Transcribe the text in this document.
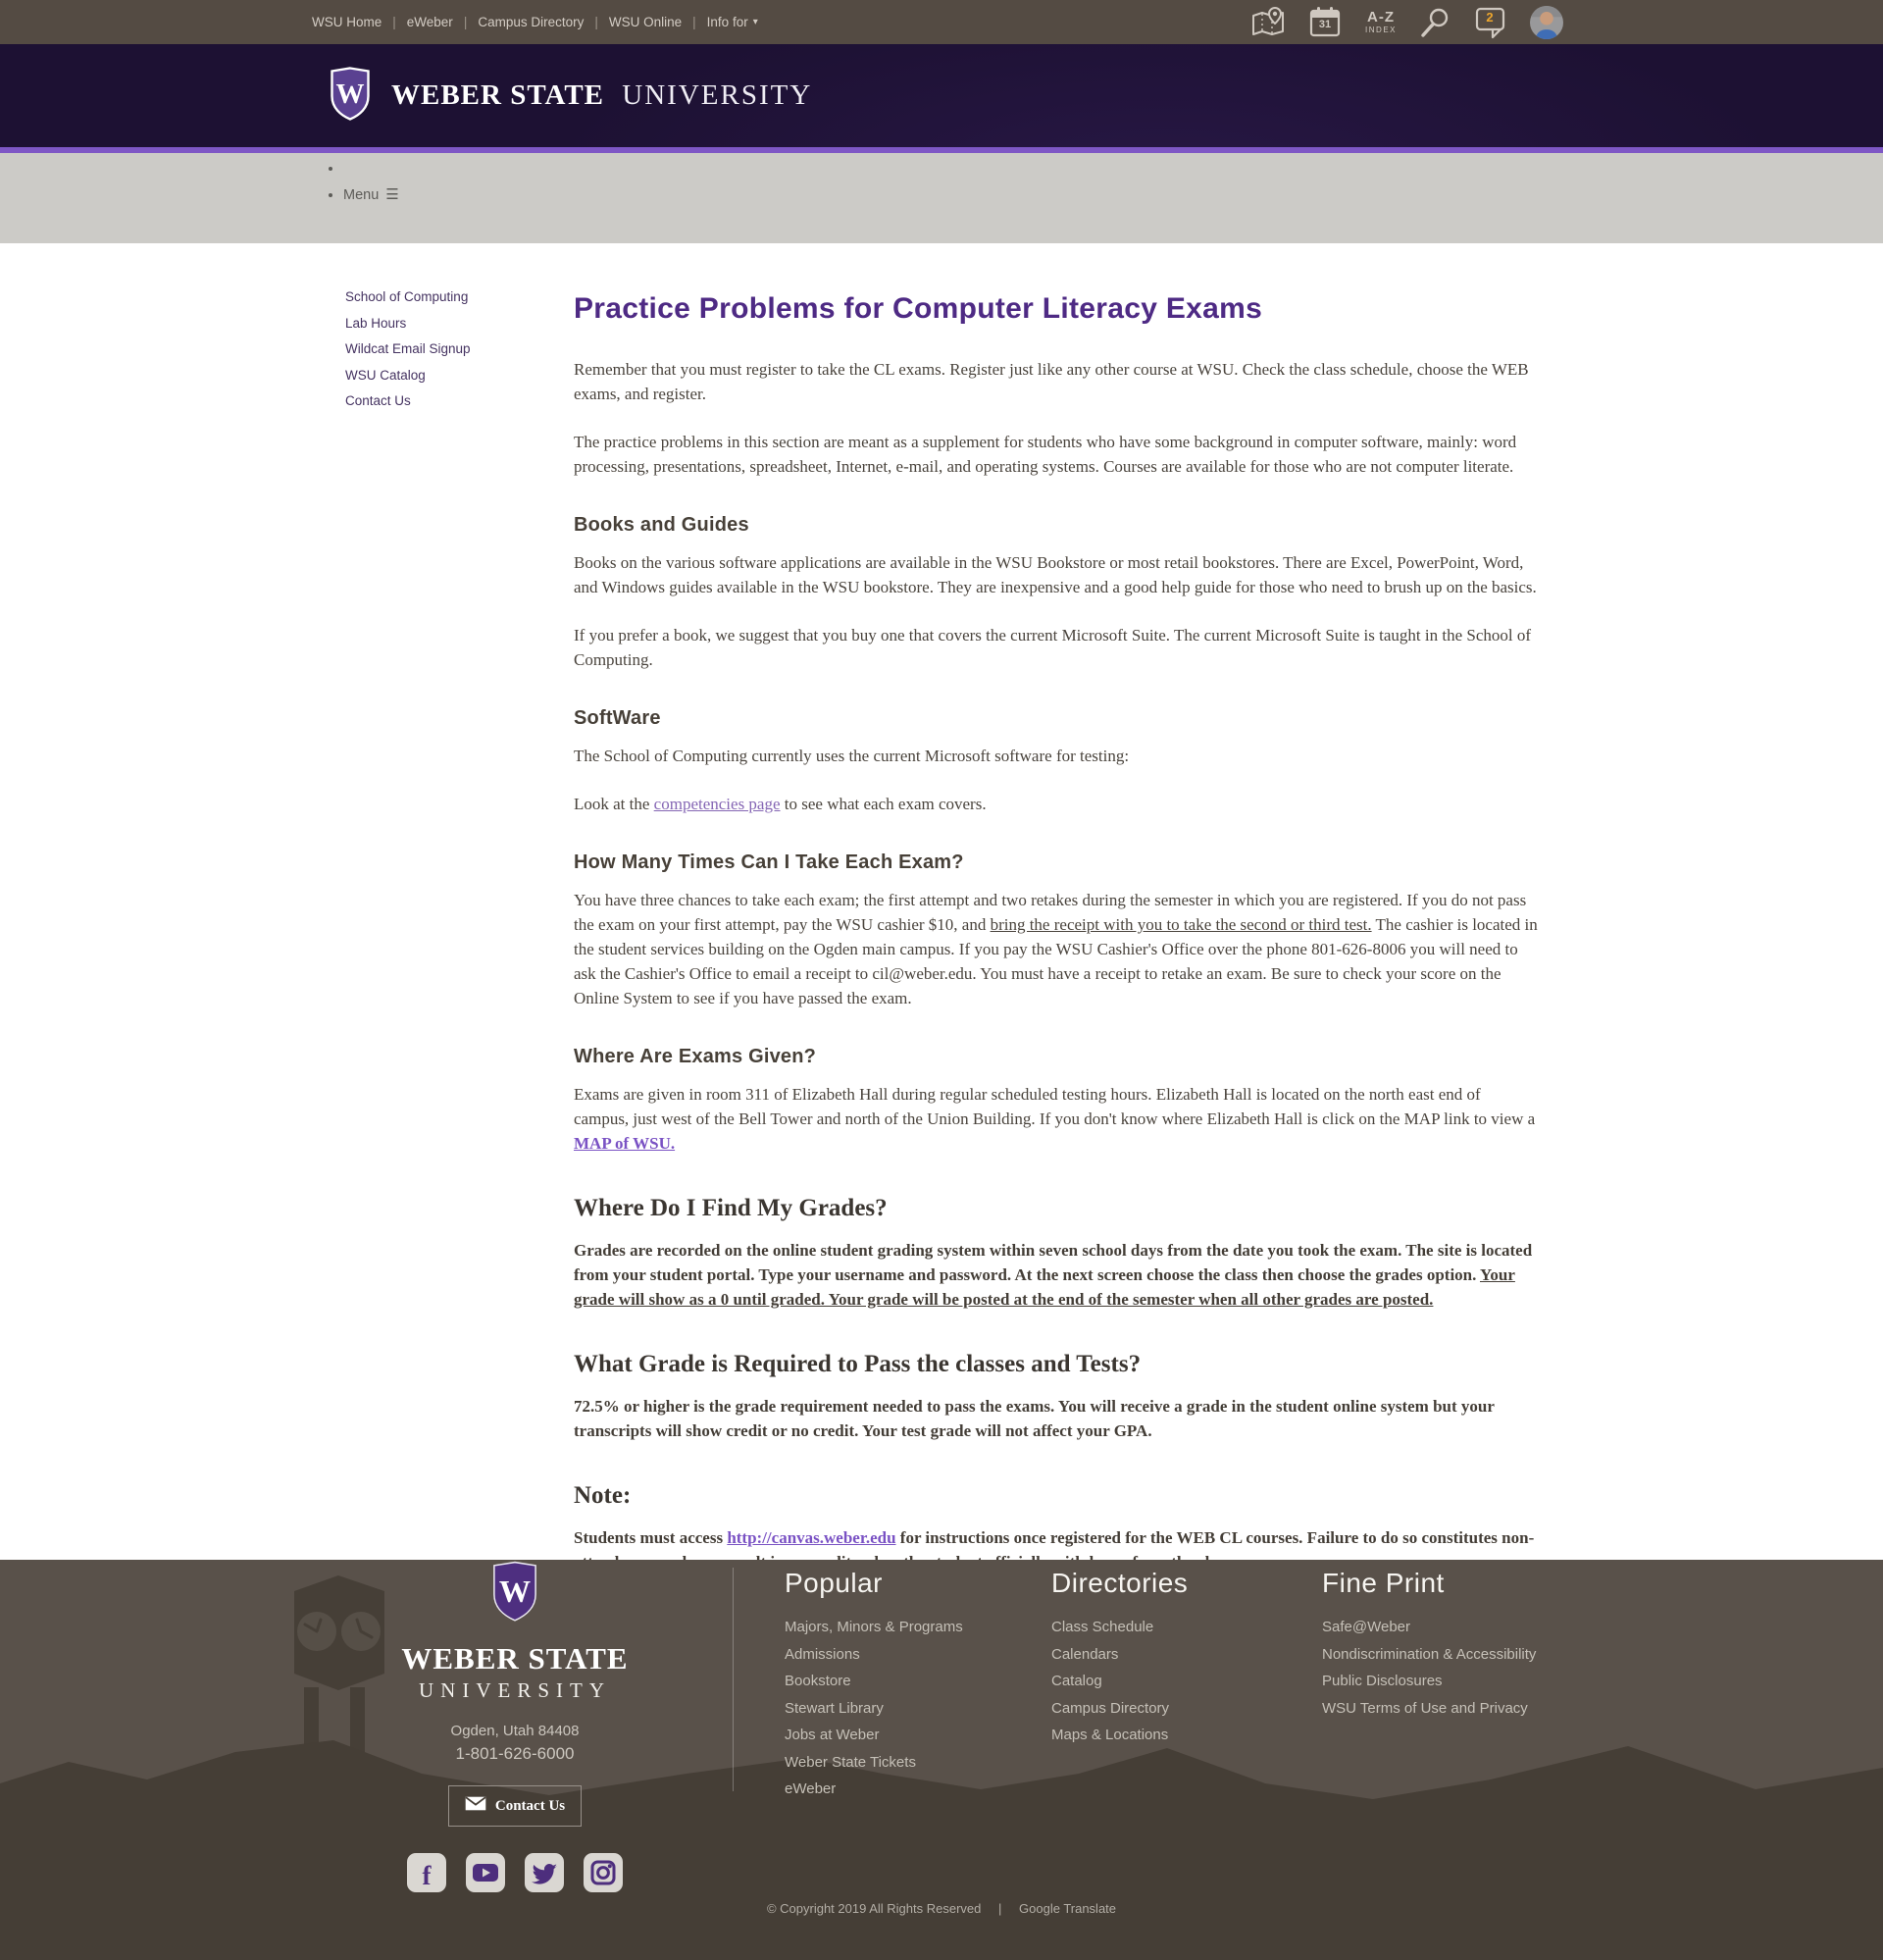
WSU Home | eWeber | Campus Directory | WSU Online | Info for ▾	31	A-Z
INDEX
2
W WEBER STATE UNIVERSITY
•
• Menu ☰
School of Computing
Lab Hours
Wildcat Email Signup
WSU Catalog
Contact Us
Practice Problems for Computer Literacy Exams

Remember that you must register to take the CL exams. Register just like any other course at WSU. Check the class schedule, choose the WEB exams, and register.

The practice problems in this section are meant as a supplement for students who have some background in computer software, mainly: word processing, presentations, spreadsheet, Internet, e-mail, and operating systems. Courses are available for those who are not computer literate.

Books and Guides

Books on the various software applications are available in the WSU Bookstore or most retail bookstores. There are Excel, PowerPoint, Word, and Windows guides available in the WSU bookstore. They are inexpensive and a good help guide for those who need to brush up on the basics.

If you prefer a book, we suggest that you buy one that covers the current Microsoft Suite. The current Microsoft Suite is taught in the School of Computing.

SoftWare

The School of Computing currently uses the current Microsoft software for testing:

Look at the competencies page to see what each exam covers.

How Many Times Can I Take Each Exam?

You have three chances to take each exam; the first attempt and two retakes during the semester in which you are registered. If you do not pass the exam on your first attempt, pay the WSU cashier $10, and bring the receipt with you to take the second or third test. The cashier is located in the student services building on the Ogden main campus. If you pay the WSU Cashier's Office over the phone 801-626-8006 you will need to ask the Cashier's Office to email a receipt to cil@weber.edu. You must have a receipt to retake an exam. Be sure to check your score on the Online System to see if you have passed the exam.

Where Are Exams Given?

Exams are given in room 311 of Elizabeth Hall during regular scheduled testing hours. Elizabeth Hall is located on the north east end of campus, just west of the Bell Tower and north of the Union Building. If you don't know where Elizabeth Hall is click on the MAP link to view a MAP of WSU.

Where Do I Find My Grades?

Grades are recorded on the online student grading system within seven school days from the date you took the exam. The site is located from your student portal. Type your username and password. At the next screen choose the class then choose the grades option. Your grade will show as a 0 until graded. Your grade will be posted at the end of the semester when all other grades are posted.

What Grade is Required to Pass the classes and Tests?

72.5% or higher is the grade requirement needed to pass the exams. You will receive a grade in the student online system but your transcripts will show credit or no credit. Your test grade will not affect your GPA.

Note:

Students must access http://canvas.weber.edu for instructions once registered for the WEB CL courses. Failure to do so constitutes non-

W
WEBER STATE
UNIVERSITY
Ogden, Utah 84408
1-801-626-6000
Contact Us
f
Popular
Majors, Minors & Programs
Admissions
Bookstore
Stewart Library
Jobs at Weber
Weber State Tickets
eWeber
Directories
Class Schedule
Calendars
Catalog
Campus Directory
Maps & Locations
Fine Print
Safe@Weber
Nondiscrimination & Accessibility
Public Disclosures
WSU Terms of Use and Privacy
© Copyright 2019 All Rights Reserved | Google Translate
